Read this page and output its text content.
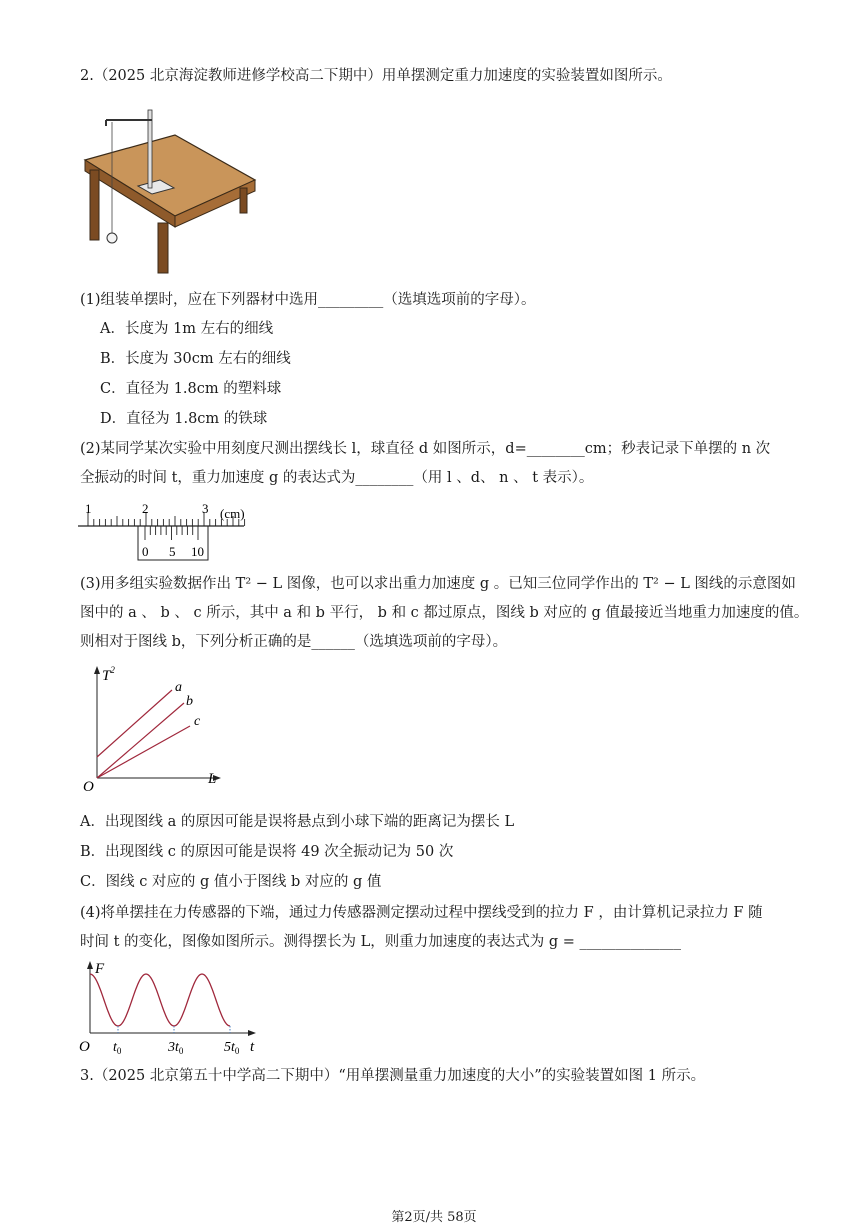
2.（2025 北京海淀教师进修学校高二下期中）用单摆测定重力加速度的实验装置如图所示。
(1)组装单摆时，应在下列器材中选用_________（选填选项前的字母）。
A．长度为 1m 左右的细线
B．长度为 30cm 左右的细线
C．直径为 1.8cm 的塑料球
D．直径为 1.8cm 的铁球
(2)某同学某次实验中用刻度尺测出摆线长 l，球直径 d 如图所示，d=________cm；秒表记录下单摆的 n 次
全振动的时间 t，重力加速度 g 的表达式为________（用 l 、d、 n 、 t 表示）。
1	2	3 (cm)
0 5 10
(3)用多组实验数据作出 T² − L 图像，也可以求出重力加速度 g 。已知三位同学作出的 T² − L 图线的示意图如
图中的 a 、 b 、 c 所示，其中 a 和 b 平行， b 和 c 都过原点，图线 b 对应的 g 值最接近当地重力加速度的值。
则相对于图线 b，下列分析正确的是______（选填选项前的字母）。
$T^2$
L
O
a
b
c
A．出现图线 a 的原因可能是误将悬点到小球下端的距离记为摆长 L
B．出现图线 c 的原因可能是误将 49 次全振动记为 50 次
C．图线 c 对应的 g 值小于图线 b 对应的 g 值
(4)将单摆挂在力传感器的下端，通过力传感器测定摆动过程中摆线受到的拉力 F ，由计算机记录拉力 F 随
时间 t 的变化，图像如图所示。测得摆长为 L，则重力加速度的表达式为 g = ______________
F
t
O $t_0$	$3t_0$	$5t_0$
3.（2025 北京第五十中学高二下期中）“用单摆测量重力加速度的大小”的实验装置如图 1 所示。
第2页/共 58页
